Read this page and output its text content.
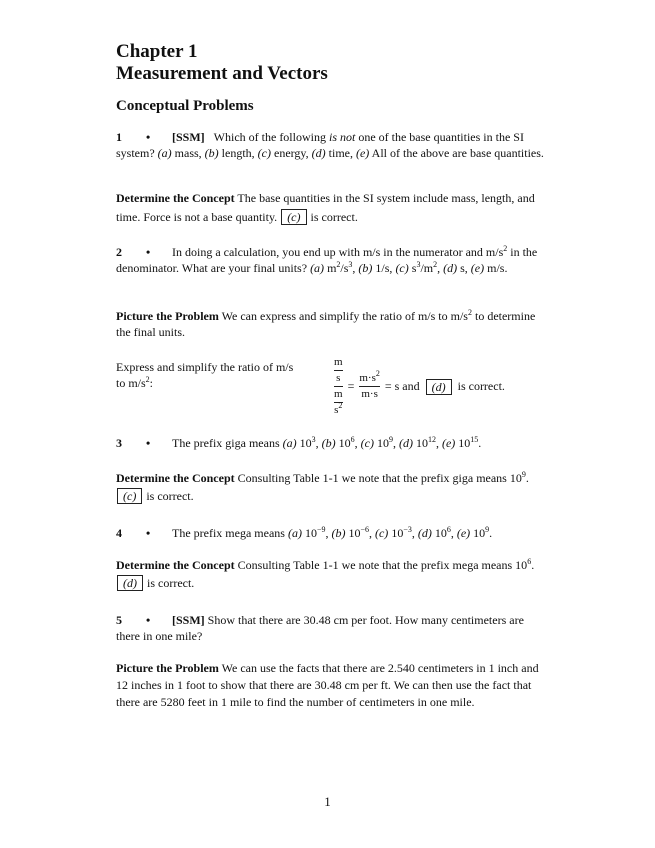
Chapter 1
Measurement and Vectors
Conceptual Problems

1 • [SSM] Which of the following is not one of the base quantities in the SI system? (a) mass, (b) length, (c) energy, (d) time, (e) All of the above are base quantities.

Determine the Concept The base quantities in the SI system include mass, length, and time. Force is not a base quantity. (c) is correct.

2 • In doing a calculation, you end up with m/s in the numerator and $m/s^2$ in the denominator. What are your final units? (a) $m^2/s^3$, (b) 1/s, (c) $s^3/m^2$, (d) s, (e) m/s.

Picture the Problem We can express and simplify the ratio of m/s to $m/s^2$ to determine the final units.

Express and simplify the ratio of m/s to $m/s^2$:	m
s
m
$s^2 = \frac{m\cdot s^2}{m\cdot s} = s$ and	(d)	is correct.

3 • The prefix giga means (a) $10^3$, (b) $10^6$, (c) $10^9$, (d) $10^{12}$, (e) $10^{15}$.

Determine the Concept Consulting Table 1-1 we note that the prefix giga means $10^9$. (c) is correct.

4 • The prefix mega means (a) $10^{-9}$, (b) $10^{-6}$, (c) $10^{-3}$, (d) $10^6$, (e) $10^9$.

Determine the Concept Consulting Table 1-1 we note that the prefix mega means $10^6$. (d) is correct.

5 • [SSM] Show that there are 30.48 cm per foot. How many centimeters are there in one mile?

Picture the Problem We can use the facts that there are 2.540 centimeters in 1 inch and 12 inches in 1 foot to show that there are 30.48 cm per ft. We can then use the fact that there are 5280 feet in 1 mile to find the number of centimeters in one mile.

1
